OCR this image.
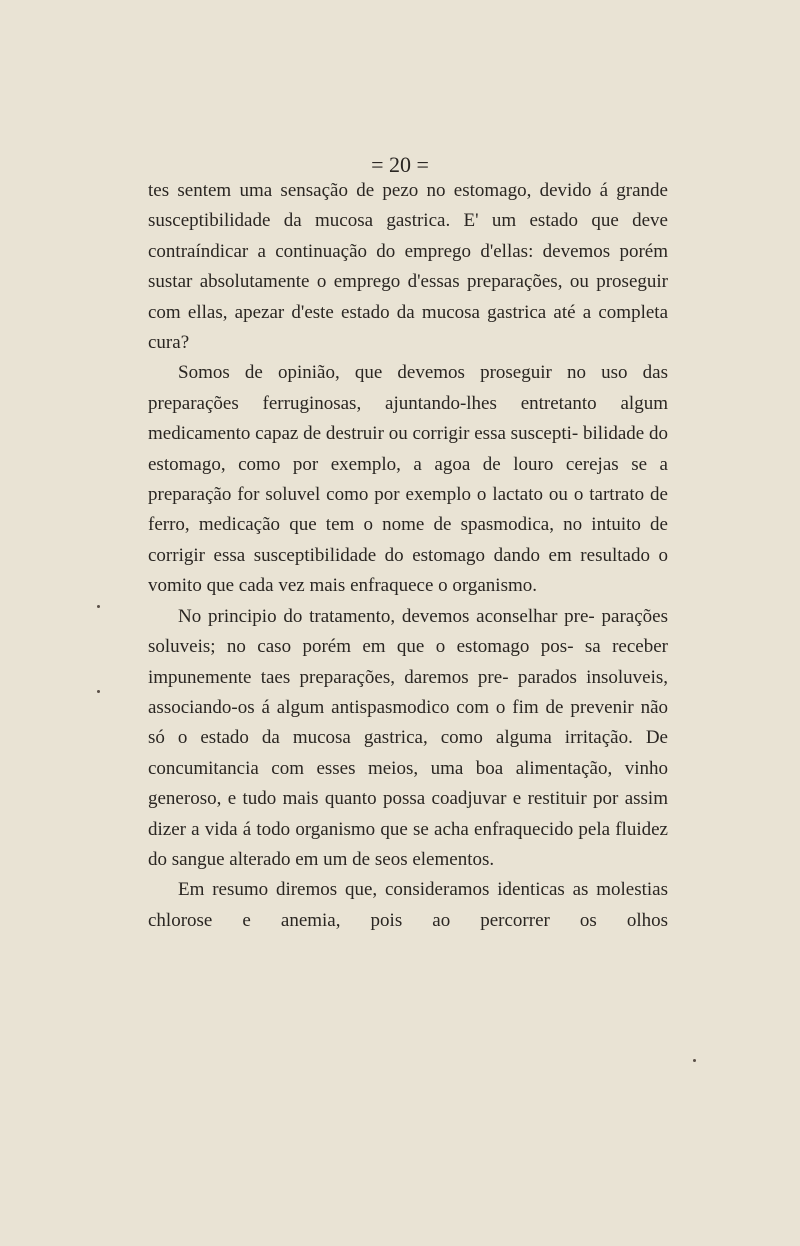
= 20 =

tes sentem uma sensação de pezo no estomago, devido á grande susceptibilidade da mucosa gastrica. E' um estado que deve contraíndicar a continuação do emprego d'ellas: devemos porém sustar absolutamente o emprego d'essas preparações, ou proseguir com ellas, apezar d'este estado da mucosa gastrica até a completa cura?

Somos de opinião, que devemos proseguir no uso das preparações ferruginosas, ajuntando-lhes entretanto algum medicamento capaz de destruir ou corrigir essa suscepti- bilidade do estomago, como por exemplo, a agoa de louro cerejas se a preparação for soluvel como por exemplo o lactato ou o tartrato de ferro, medicação que tem o nome de spasmodica, no intuito de corrigir essa susceptibilidade do estomago dando em resultado o vomito que cada vez mais enfraquece o organismo.

No principio do tratamento, devemos aconselhar pre- parações soluveis; no caso porém em que o estomago pos- sa receber impunemente taes preparações, daremos pre- parados insoluveis, associando-os á algum antispasmodico com o fim de prevenir não só o estado da mucosa gastrica, como alguma irritação. De concumitancia com esses meios, uma boa alimentação, vinho generoso, e tudo mais quanto possa coadjuvar e restituir por assim dizer a vida á todo organismo que se acha enfraquecido pela fluidez do sangue alterado em um de seos elementos.

Em resumo diremos que, consideramos identicas as molestias chlorose e anemia, pois ao percorrer os olhos
